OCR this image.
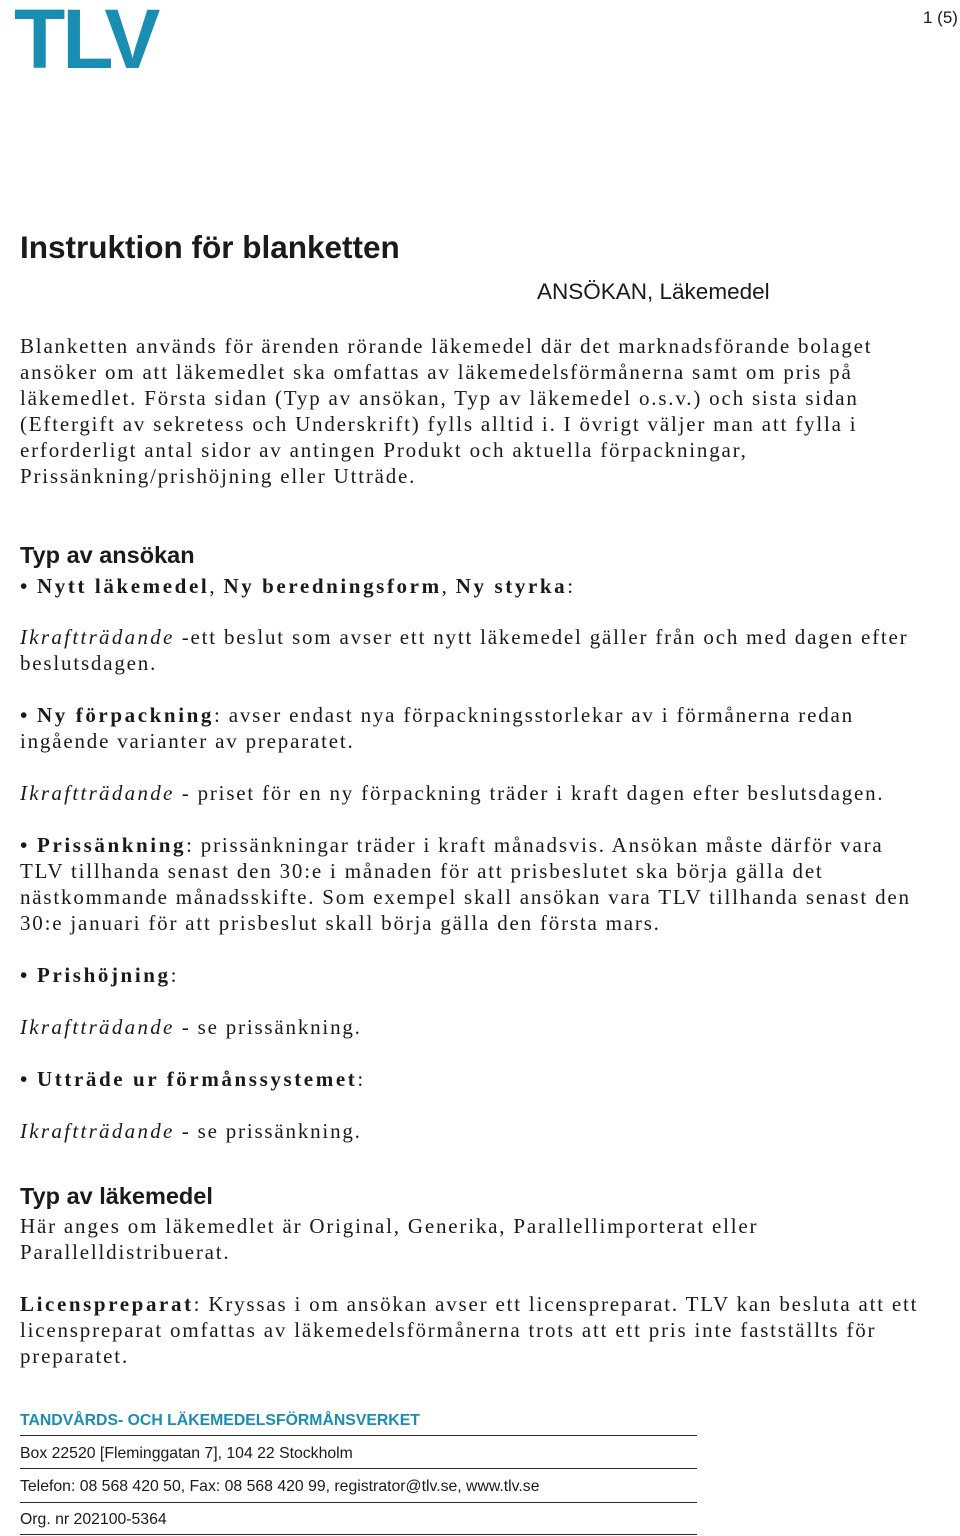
TLV	1 (5)
Instruktion för blanketten
ANSÖKAN, Läkemedel
Blanketten används för ärenden rörande läkemedel där det marknadsförande bolaget
ansöker om att läkemedlet ska omfattas av läkemedelsförmånerna samt om pris på
läkemedlet. Första sidan (Typ av ansökan, Typ av läkemedel o.s.v.) och sista sidan
(Eftergift av sekretess och Underskrift) fylls alltid i. I övrigt väljer man att fylla i
erforderligt antal sidor av antingen Produkt och aktuella förpackningar,
Prissänkning/prishöjning eller Utträde.
Typ av ansökan
• Nytt läkemedel, Ny beredningsform, Ny styrka:
Ikraftträdande -ett beslut som avser ett nytt läkemedel gäller från och med dagen efter
beslutsdagen.
• Ny förpackning: avser endast nya förpackningsstorlekar av i förmånerna redan
ingående varianter av preparatet.
Ikraftträdande - priset för en ny förpackning träder i kraft dagen efter beslutsdagen.
• Prissänkning: prissänkningar träder i kraft månadsvis. Ansökan måste därför vara
TLV tillhanda senast den 30:e i månaden för att prisbeslutet ska börja gälla det
nästkommande månadsskifte. Som exempel skall ansökan vara TLV tillhanda senast den
30:e januari för att prisbeslut skall börja gälla den första mars.
• Prishöjning:
Ikraftträdande - se prissänkning.
• Utträde ur förmånssystemet:
Ikraftträdande - se prissänkning.
Typ av läkemedel
Här anges om läkemedlet är Original, Generika, Parallellimporterat eller
Parallelldistribuerat.
Licenspreparat: Kryssas i om ansökan avser ett licenspreparat. TLV kan besluta att ett
licenspreparat omfattas av läkemedelsförmånerna trots att ett pris inte fastställts för
preparatet.
TANDVÅRDS- OCH LÄKEMEDELSFÖRMÅNSVERKET
Box 22520 [Fleminggatan 7], 104 22 Stockholm
Telefon: 08 568 420 50, Fax: 08 568 420 99, registrator@tlv.se, www.tlv.se
Org. nr 202100-5364
